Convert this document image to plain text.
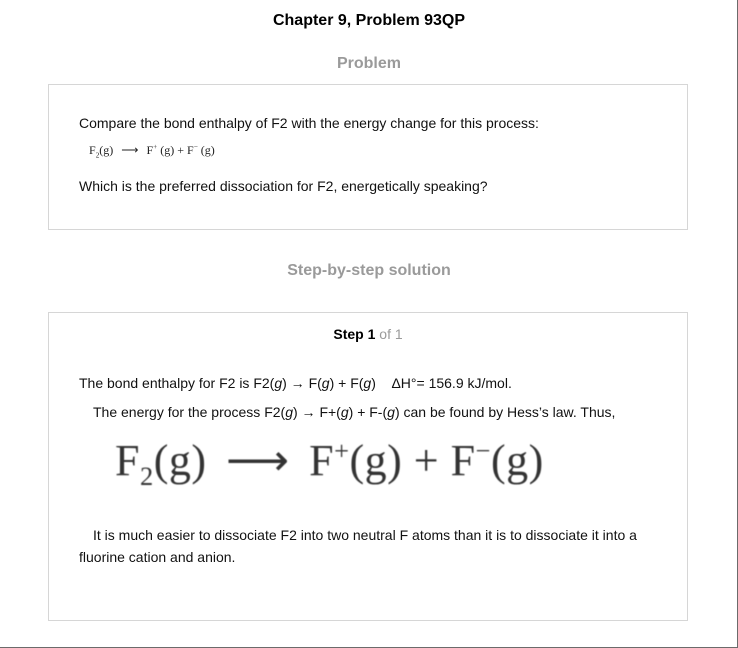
Chapter 9, Problem 93QP
Problem
Compare the bond enthalpy of F2 with the energy change for this process:
$F_2(g)$ ⟶ F+ (g) + F− (g)
Which is the preferred dissociation for F2, energetically speaking?
Step-by-step solution
Step 1 of 1
The bond enthalpy for F2 is F2(g) → F(g) + F(g)    ΔH°= 156.9 kJ/mol.
The energy for the process F2(g) → F+(g) + F-(g) can be found by Hess’s law. Thus,
$F_2(g)$ ⟶ F+(g) + F−(g)
It is much easier to dissociate F2 into two neutral F atoms than it is to dissociate it into a
fluorine cation and anion.
